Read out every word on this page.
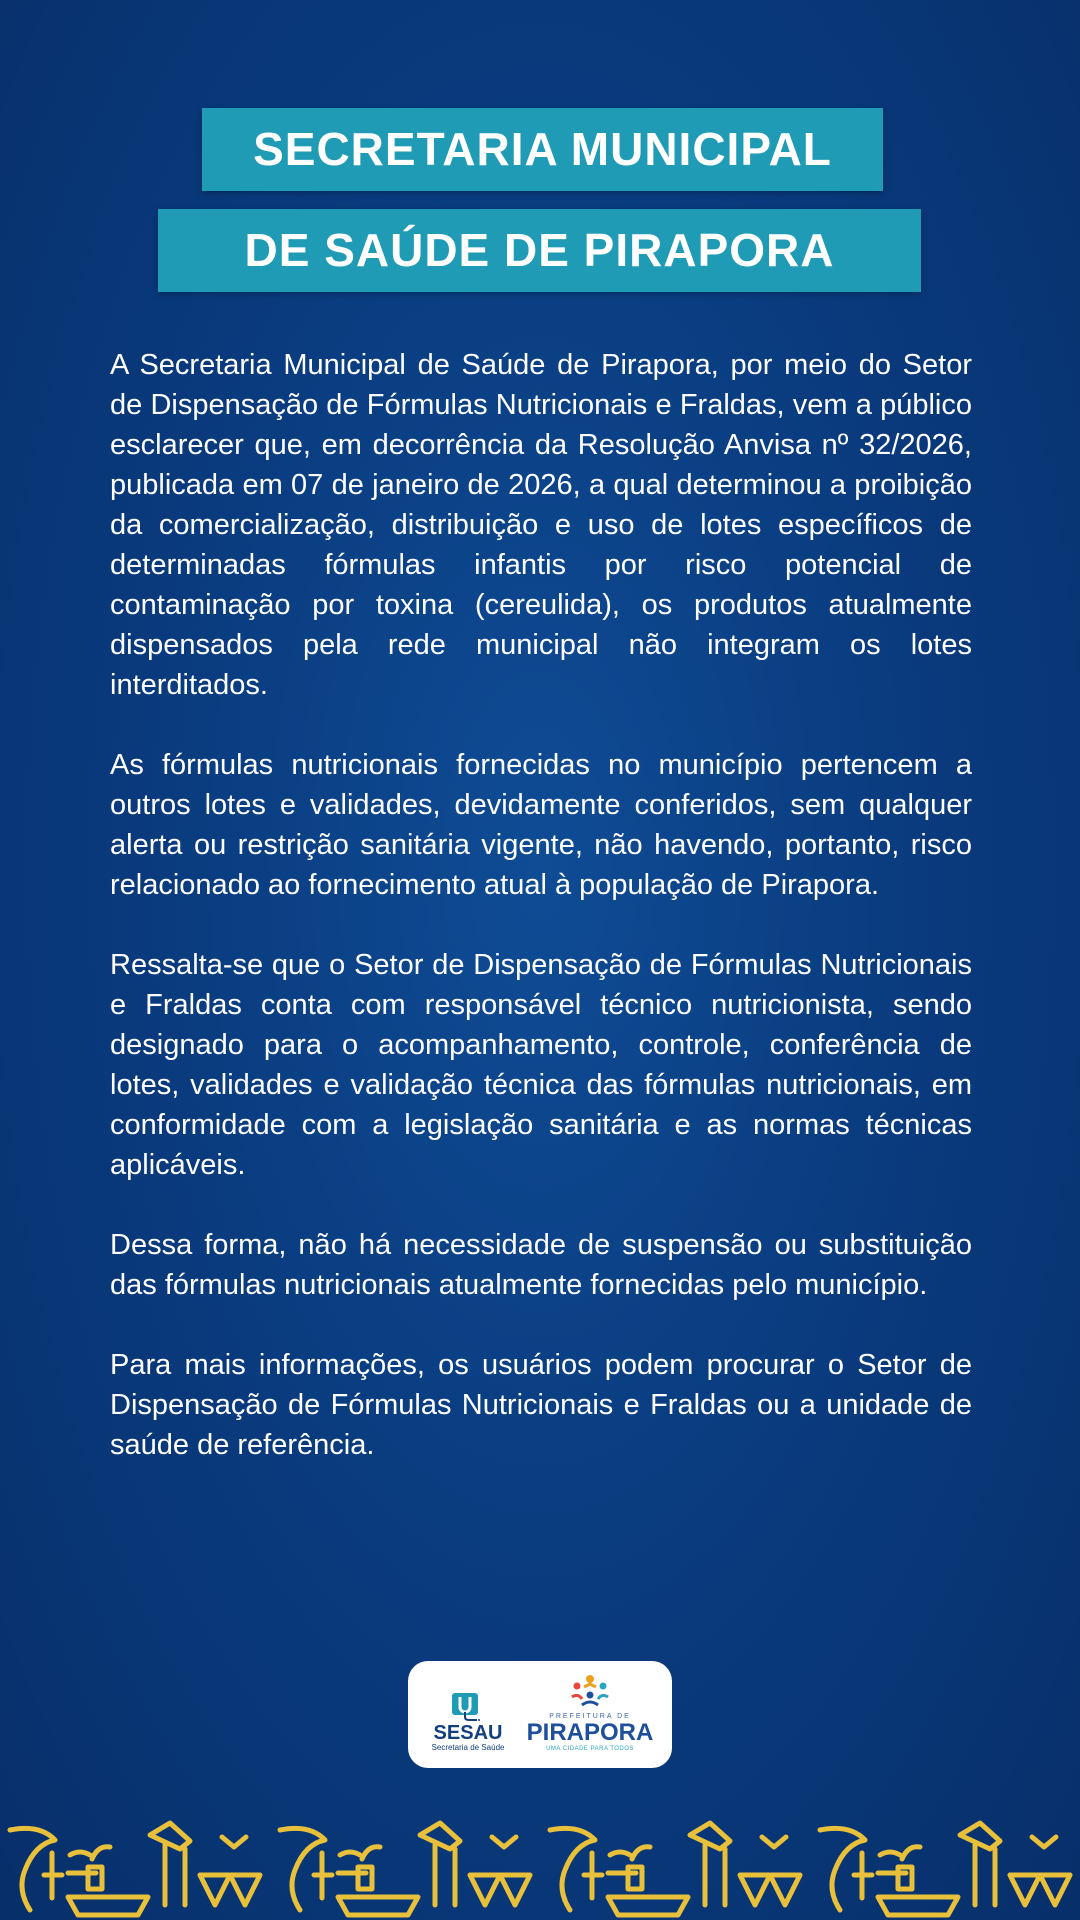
SECRETARIA MUNICIPAL
DE SAÚDE DE PIRAPORA

A Secretaria Municipal de Saúde de Pirapora, por meio do Setor de Dispensação de Fórmulas Nutricionais e Fraldas, vem a público esclarecer que, em decorrência da Resolução Anvisa nº 32/2026, publicada em 07 de janeiro de 2026, a qual determinou a proibição da comercialização, distribuição e uso de lotes específicos de determinadas fórmulas infantis por risco potencial de contaminação por toxina (cereulida), os produtos atualmente dispensados pela rede municipal não integram os lotes interditados.

As fórmulas nutricionais fornecidas no município pertencem a outros lotes e validades, devidamente conferidos, sem qualquer alerta ou restrição sanitária vigente, não havendo, portanto, risco relacionado ao fornecimento atual à população de Pirapora.

Ressalta-se que o Setor de Dispensação de Fórmulas Nutricionais e Fraldas conta com responsável técnico nutricionista, sendo designado para o acompanhamento, controle, conferência de lotes, validades e validação técnica das fórmulas nutricionais, em conformidade com a legislação sanitária e as normas técnicas aplicáveis.

Dessa forma, não há necessidade de suspensão ou substituição das fórmulas nutricionais atualmente fornecidas pelo município.

Para mais informações, os usuários podem procurar o Setor de Dispensação de Fórmulas Nutricionais e Fraldas ou a unidade de saúde de referência.

SESAU
Secretaria de Saúde
PREFEITURA DE
PIRAPORA
UMA CIDADE PARA TODOS
